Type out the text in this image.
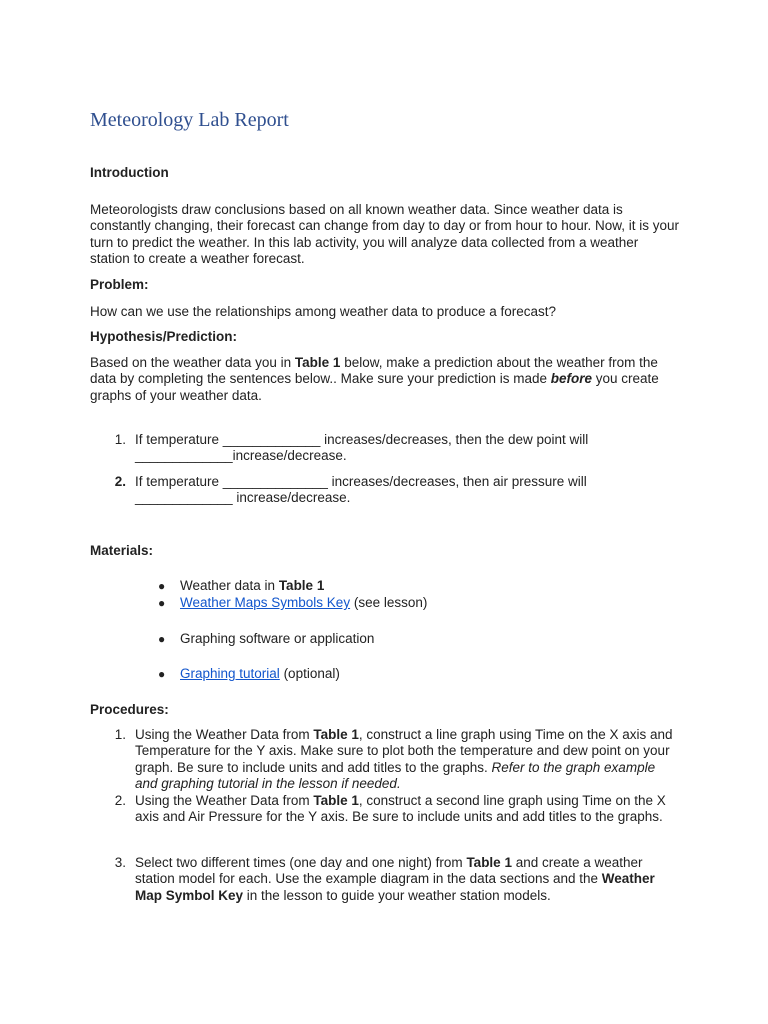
Meteorology Lab Report
Introduction
Meteorologists draw conclusions based on all known weather data. Since weather data is constantly changing, their forecast can change from day to day or from hour to hour. Now, it is your turn to predict the weather. In this lab activity, you will analyze data collected from a weather station to create a weather forecast.
Problem:
How can we use the relationships among weather data to produce a forecast?
Hypothesis/Prediction:
Based on the weather data you in Table 1 below, make a prediction about the weather from the data by completing the sentences below.. Make sure your prediction is made before you create graphs of your weather data.
1. If temperature _____________ increases/decreases, then the dew point will _____________increase/decrease.
2. If temperature ______________ increases/decreases, then air pressure will _____________ increase/decrease.
Materials:
● Weather data in Table 1
● Weather Maps Symbols Key (see lesson)
● Graphing software or application
● Graphing tutorial (optional)
Procedures:
1. Using the Weather Data from Table 1, construct a line graph using Time on the X axis and Temperature for the Y axis. Make sure to plot both the temperature and dew point on your graph. Be sure to include units and add titles to the graphs. Refer to the graph example and graphing tutorial in the lesson if needed.
2. Using the Weather Data from Table 1, construct a second line graph using Time on the X axis and Air Pressure for the Y axis. Be sure to include units and add titles to the graphs.
3. Select two different times (one day and one night) from Table 1 and create a weather station model for each. Use the example diagram in the data sections and the Weather Map Symbol Key in the lesson to guide your weather station models.
